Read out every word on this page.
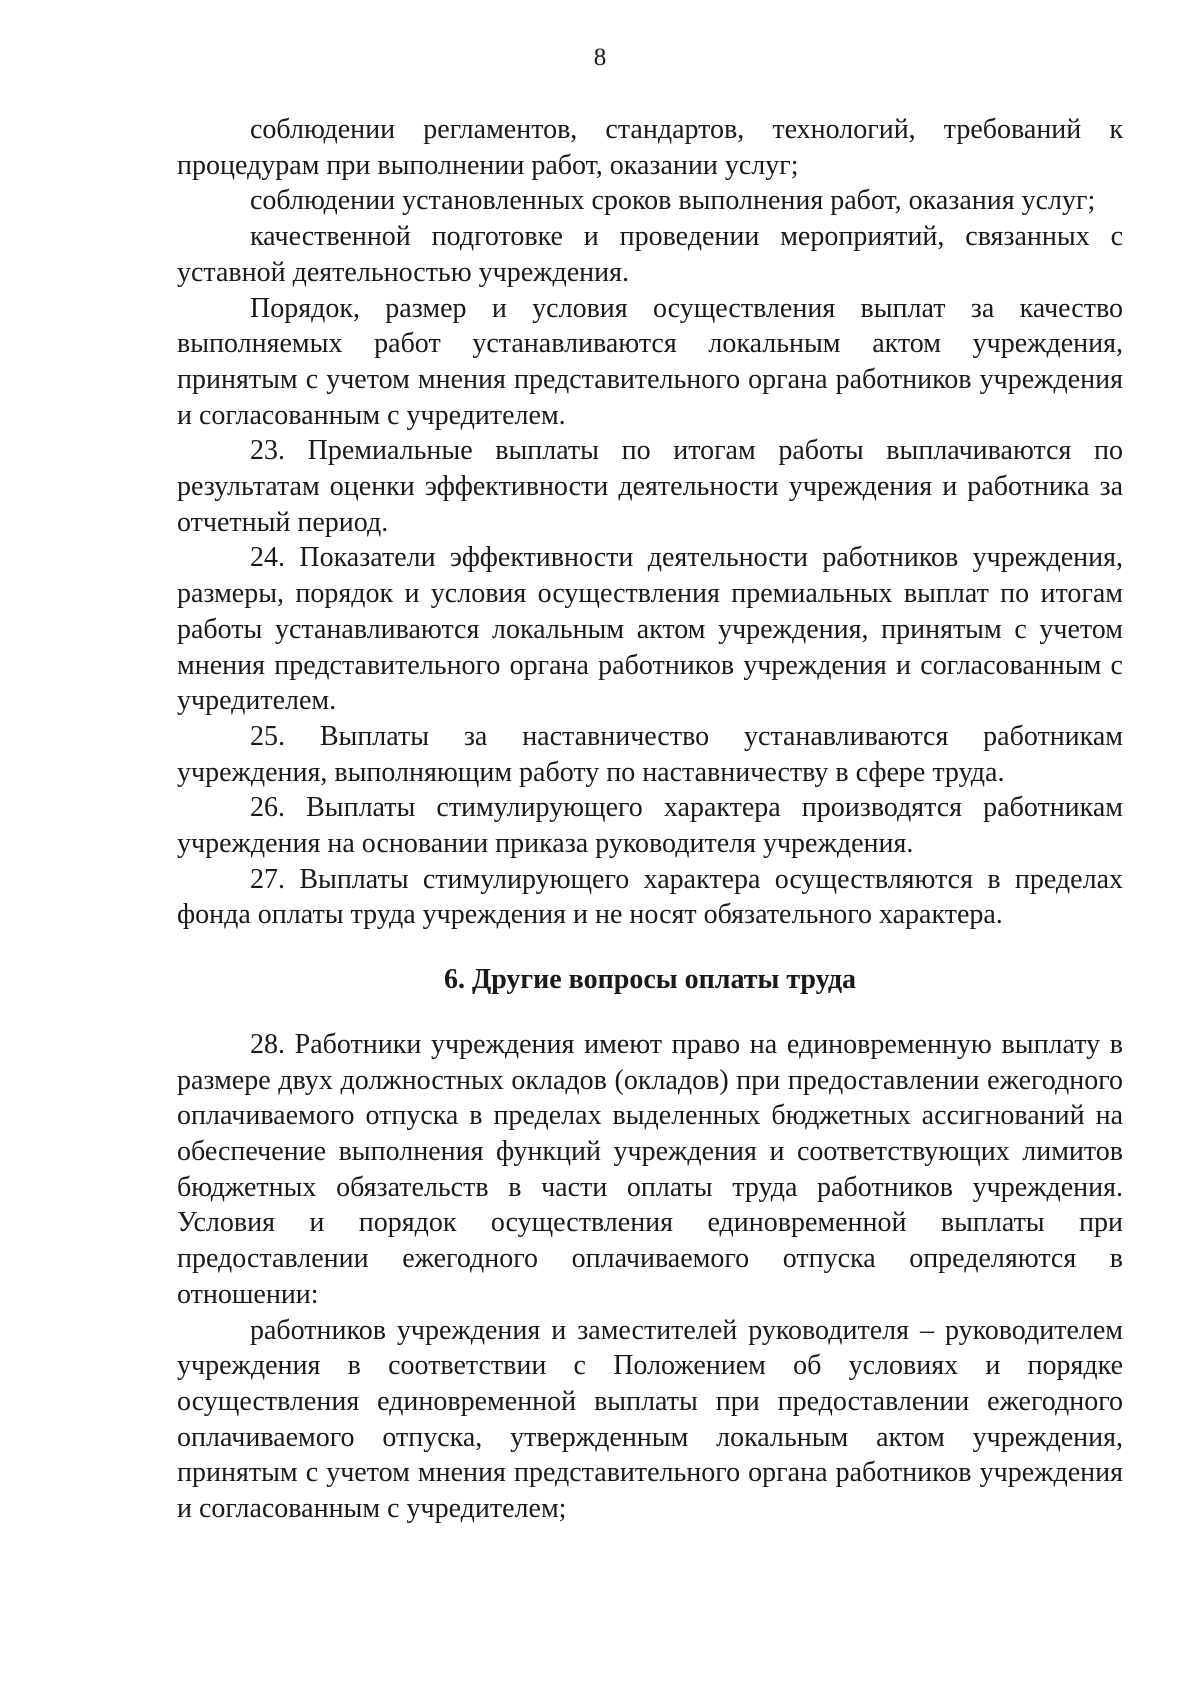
8

соблюдении регламентов, стандартов, технологий, требований к процедурам при выполнении работ, оказании услуг;

соблюдении установленных сроков выполнения работ, оказания услуг;

качественной подготовке и проведении мероприятий, связанных с уставной деятельностью учреждения.

Порядок, размер и условия осуществления выплат за качество выполняемых работ устанавливаются локальным актом учреждения, принятым с учетом мнения представительного органа работников учреждения и согласованным с учредителем.

23. Премиальные выплаты по итогам работы выплачиваются по результатам оценки эффективности деятельности учреждения и работника за отчетный период.

24. Показатели эффективности деятельности работников учреждения, размеры, порядок и условия осуществления премиальных выплат по итогам работы устанавливаются локальным актом учреждения, принятым с учетом мнения представительного органа работников учреждения и согласованным с учредителем.

25. Выплаты за наставничество устанавливаются работникам учреждения, выполняющим работу по наставничеству в сфере труда.

26. Выплаты стимулирующего характера производятся работникам учреждения на основании приказа руководителя учреждения.

27. Выплаты стимулирующего характера осуществляются в пределах фонда оплаты труда учреждения и не носят обязательного характера.

6. Другие вопросы оплаты труда

28. Работники учреждения имеют право на единовременную выплату в размере двух должностных окладов (окладов) при предоставлении ежегодного оплачиваемого отпуска в пределах выделенных бюджетных ассигнований на обеспечение выполнения функций учреждения и соответствующих лимитов бюджетных обязательств в части оплаты труда работников учреждения. Условия и порядок осуществления единовременной выплаты при предоставлении ежегодного оплачиваемого отпуска определяются в отношении:

работников учреждения и заместителей руководителя – руководителем учреждения в соответствии с Положением об условиях и порядке осуществления единовременной выплаты при предоставлении ежегодного оплачиваемого отпуска, утвержденным локальным актом учреждения, принятым с учетом мнения представительного органа работников учреждения и согласованным с учредителем;
